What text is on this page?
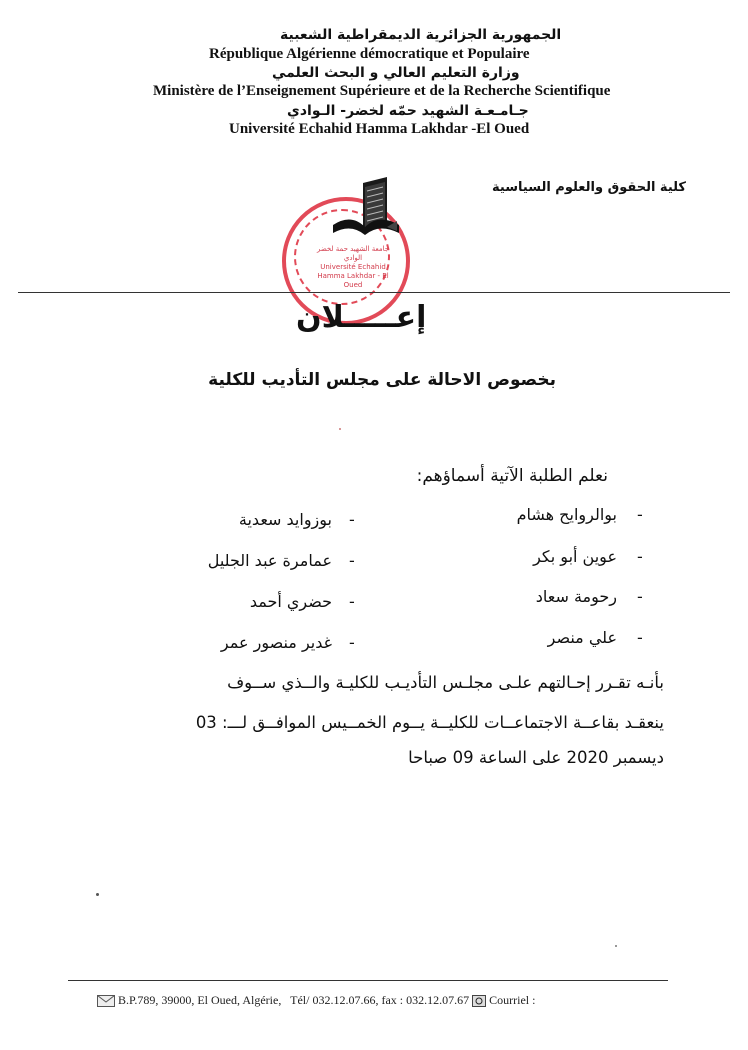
الجمهورية الجزائرية الديمقراطية الشعبية
République Algérienne démocratique et Populaire
وزارة التعليم العالي و البحث العلمي
Ministère de l’Enseignement Supérieure et de la Recherche Scientifique
جـامـعـة الشهيد حمّه لخضر- الـوادي
Université Echahid Hamma Lakhdar -El Oued
كلية الحقوق والعلوم السياسية
جامعة الشهيد حمة لخضر الوادي
Université Echahid Hamma Lakhdar - El Oued
إعـــــلان
بخصوص الاحالة على مجلس التأديب للكلية
نعلم الطلبة الآتية أسماؤهم:
-
بوالروايح هشام
-
عوين أبو بكر
-
رحومة سعاد
-
علي منصر
-
بوزوايد سعدية
-
عمامرة عبد الجليل
-
حضري أحمد
-
غدير منصور عمر
بأنـه تقـرر إحـالتهم علـى مجلـس التأديـب للكليـة والــذي ســوف
ينعقـد بقاعــة الاجتماعــات للكليــة يــوم الخمــيس الموافــق لـــ: 03
ديسمبر 2020 على الساعة 09 صباحا
B.P.789, 39000, El Oued, Algérie, Tél/ 032.12.07.66, fax : 032.12.07.67 Courriel :
